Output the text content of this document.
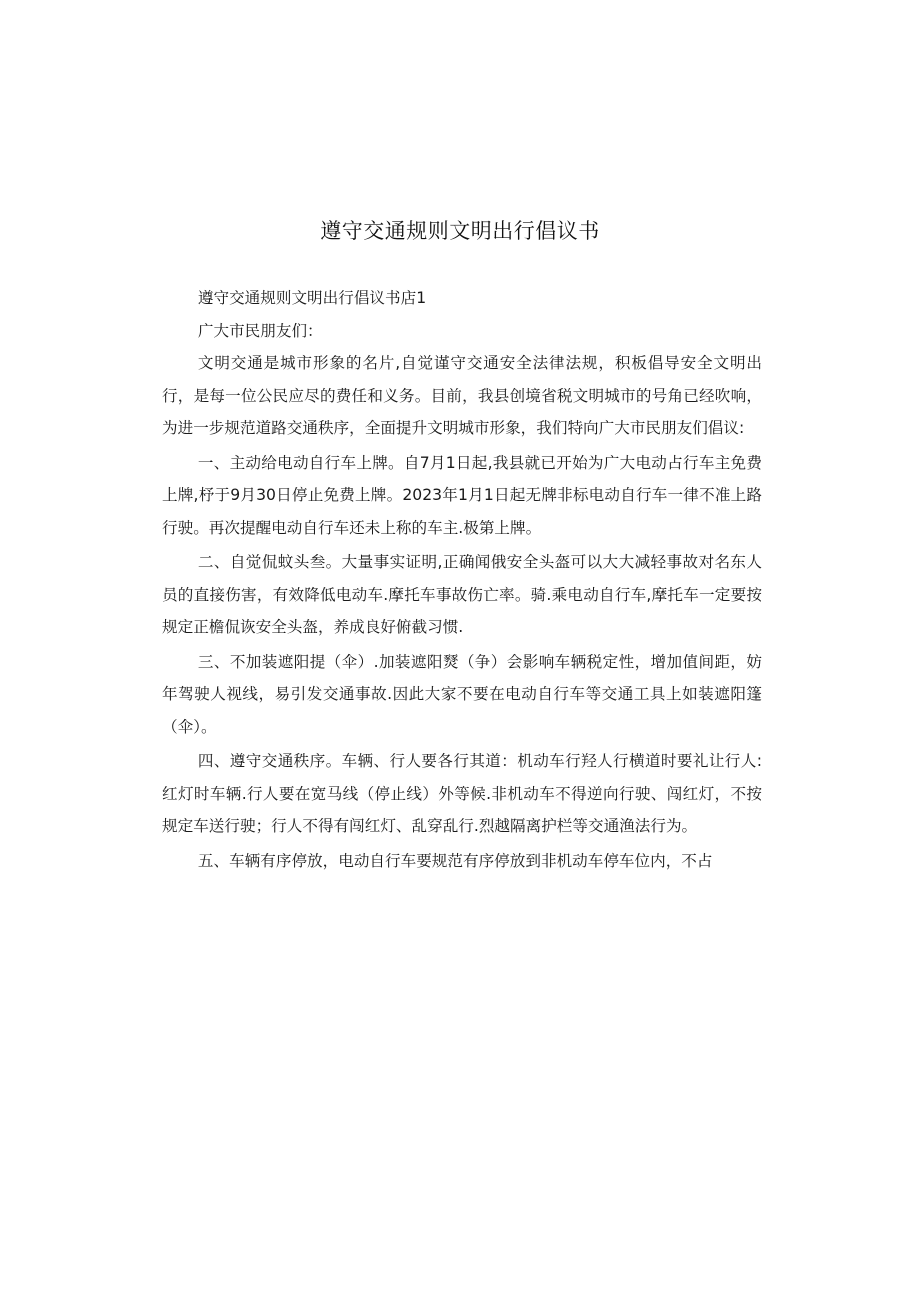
遵守交通规则文明出行倡议书

遵守交通规则文明出行倡议书店1

广大市民朋友们：

文明交通是城市形象的名片,自觉谨守交通安全法律法规，积板倡导安全文明出行，是每一位公民应尽的费任和义务。目前，我县创境省税文明城市的号角已经吹响，为进一步规范道路交通秩序，全面提升文明城市形象，我们特向广大市民朋友们倡议:

一、主动给电动自行车上牌。自7月1日起,我县就已开始为广大电动占行车主免费上牌,杼于9月30日停止免费上牌。2023年1月1日起无牌非标电动自行车一律不准上路行驶。再次提醒电动自行车还未上称的车主.极第上牌。

二、自觉侃蚊头叁。大量事实证明,正确闻俄安全头盔可以大大减轻事故对名东人员的直接伤害，有效降低电动车.摩托车事故伤亡率。骑.乘电动自行车,摩托车一定要按规定正檐侃诙安全头盔，养成良好俯截习惯.

三、不加装遮阳提（伞）.加装遮阳燹（争）会影响车辆税定性，增加值间距，妨年驾驶人视线，易引发交通事故.因此大家不要在电动自行车等交通工具上如装遮阳篷（伞）。

四、遵守交通秩序。车辆、行人要各行其道：机动车行羟人行横道时要礼让行人:红灯时车辆.行人要在宽马线（停止线）外等候.非机动车不得逆向行驶、闯红灯，不按规定车送行驶；行人不得有闯红灯、乱穿乱行.烈越隔离护栏等交通渔法行为。

五、车辆有序停放，电动自行车要规范有序停放到非机动车停车位内，不占
